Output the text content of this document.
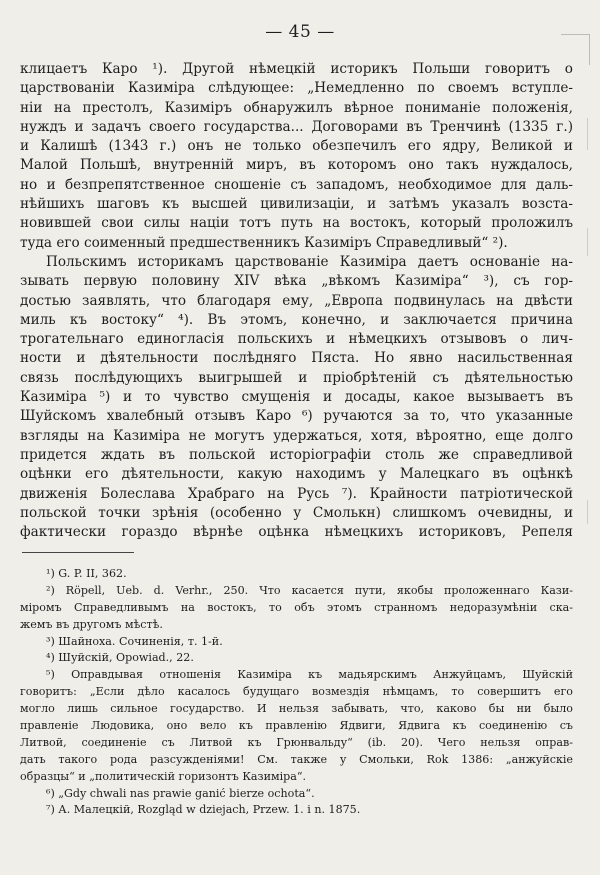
— 45 —

клицаетъ Каро ¹). Другой нѣмецкій историкъ Польши говоритъ о
царствованіи Казиміра слѣдующее: „Немедленно по своемъ вступле-
ніи на престолъ, Казиміръ обнаружилъ вѣрное пониманіе положенія,
нуждъ и задачъ своего государства... Договорами въ Тренчинѣ (1335 г.)
и Калишѣ (1343 г.) онъ не только обезпечилъ его ядру, Великой и
Малой Польшѣ, внутренній миръ, въ которомъ оно такъ нуждалось,
но и безпрепятственное сношеніе съ западомъ, необходимое для даль-
нѣйшихъ шаговъ къ высшей цивилизаціи, и затѣмъ указалъ возста-
новившей свои силы націи тотъ путь на востокъ, который проложилъ
туда его соименный предшественникъ Казиміръ Справедливый“ ²).

Польскимъ историкамъ царствованіе Казиміра даетъ основаніе на-
зывать первую половину XIV вѣка „вѣкомъ Казиміра“ ³), съ гор-
достью заявлять, что благодаря ему, „Европа подвинулась на двѣсти
миль къ востоку“ ⁴). Въ этомъ, конечно, и заключается причина
трогательнаго единогласія польскихъ и нѣмецкихъ отзывовъ о лич-
ности и дѣятельности послѣдняго Пяста. Но явно насильственная
связь послѣдующихъ выигрышей и пріобрѣтеній съ дѣятельностью
Казиміра ⁵) и то чувство смущенія и досады, какое вызываетъ въ
Шуйскомъ хвалебный отзывъ Каро ⁶) ручаются за то, что указанные
взгляды на Казиміра не могутъ удержаться, хотя, вѣроятно, еще долго
придется ждать въ польской исторіографіи столь же справедливой
оцѣнки его дѣятельности, какую находимъ у Малецкаго въ оцѣнкѣ
движенія Болеслава Храбраго на Русь ⁷). Крайности патріотической
польской точки зрѣнія (особенно у Смолькн) слишкомъ очевидны, и
фактически гораздо вѣрнѣе оцѣнка нѣмецкихъ историковъ, Репеля

¹) G. P. II, 362.
²) Röpell, Ueb. d. Verhr., 250. Что касается пути, якобы проложеннаго Кази-
міромъ Справедливымъ на востокъ, то объ этомъ странномъ недоразумѣніи ска-
жемъ въ другомъ мѣстѣ.
³) Шайноха. Сочиненія, т. 1-й.
⁴) Шуйскій, Opowiad., 22.
⁵) Оправдывая отношенія Казиміра къ мадьярскимъ Анжуйцамъ, Шуйскій
говоритъ: „Если дѣло касалось будущаго возмездія нѣмцамъ, то совершитъ его
могло лишь сильное государство. И нельзя забывать, что, каково бы ни было
правленіе Людовика, оно вело къ правленію Ядвиги, Ядвига къ соединенію съ
Литвой, соединеніе съ Литвой къ Грюнвальду“ (ib. 20). Чего нельзя оправ-
дать такого рода разсужденіями! См. также у Смольки, Rok 1386: „анжуйскіе
образцы“ и „политическій горизонтъ Казиміра“.
⁶) „Gdy chwali nas prawie ganić bierze ochota“.
⁷) А. Малецкій, Rozgląd w dziejach, Przew. 1. i n. 1875.
